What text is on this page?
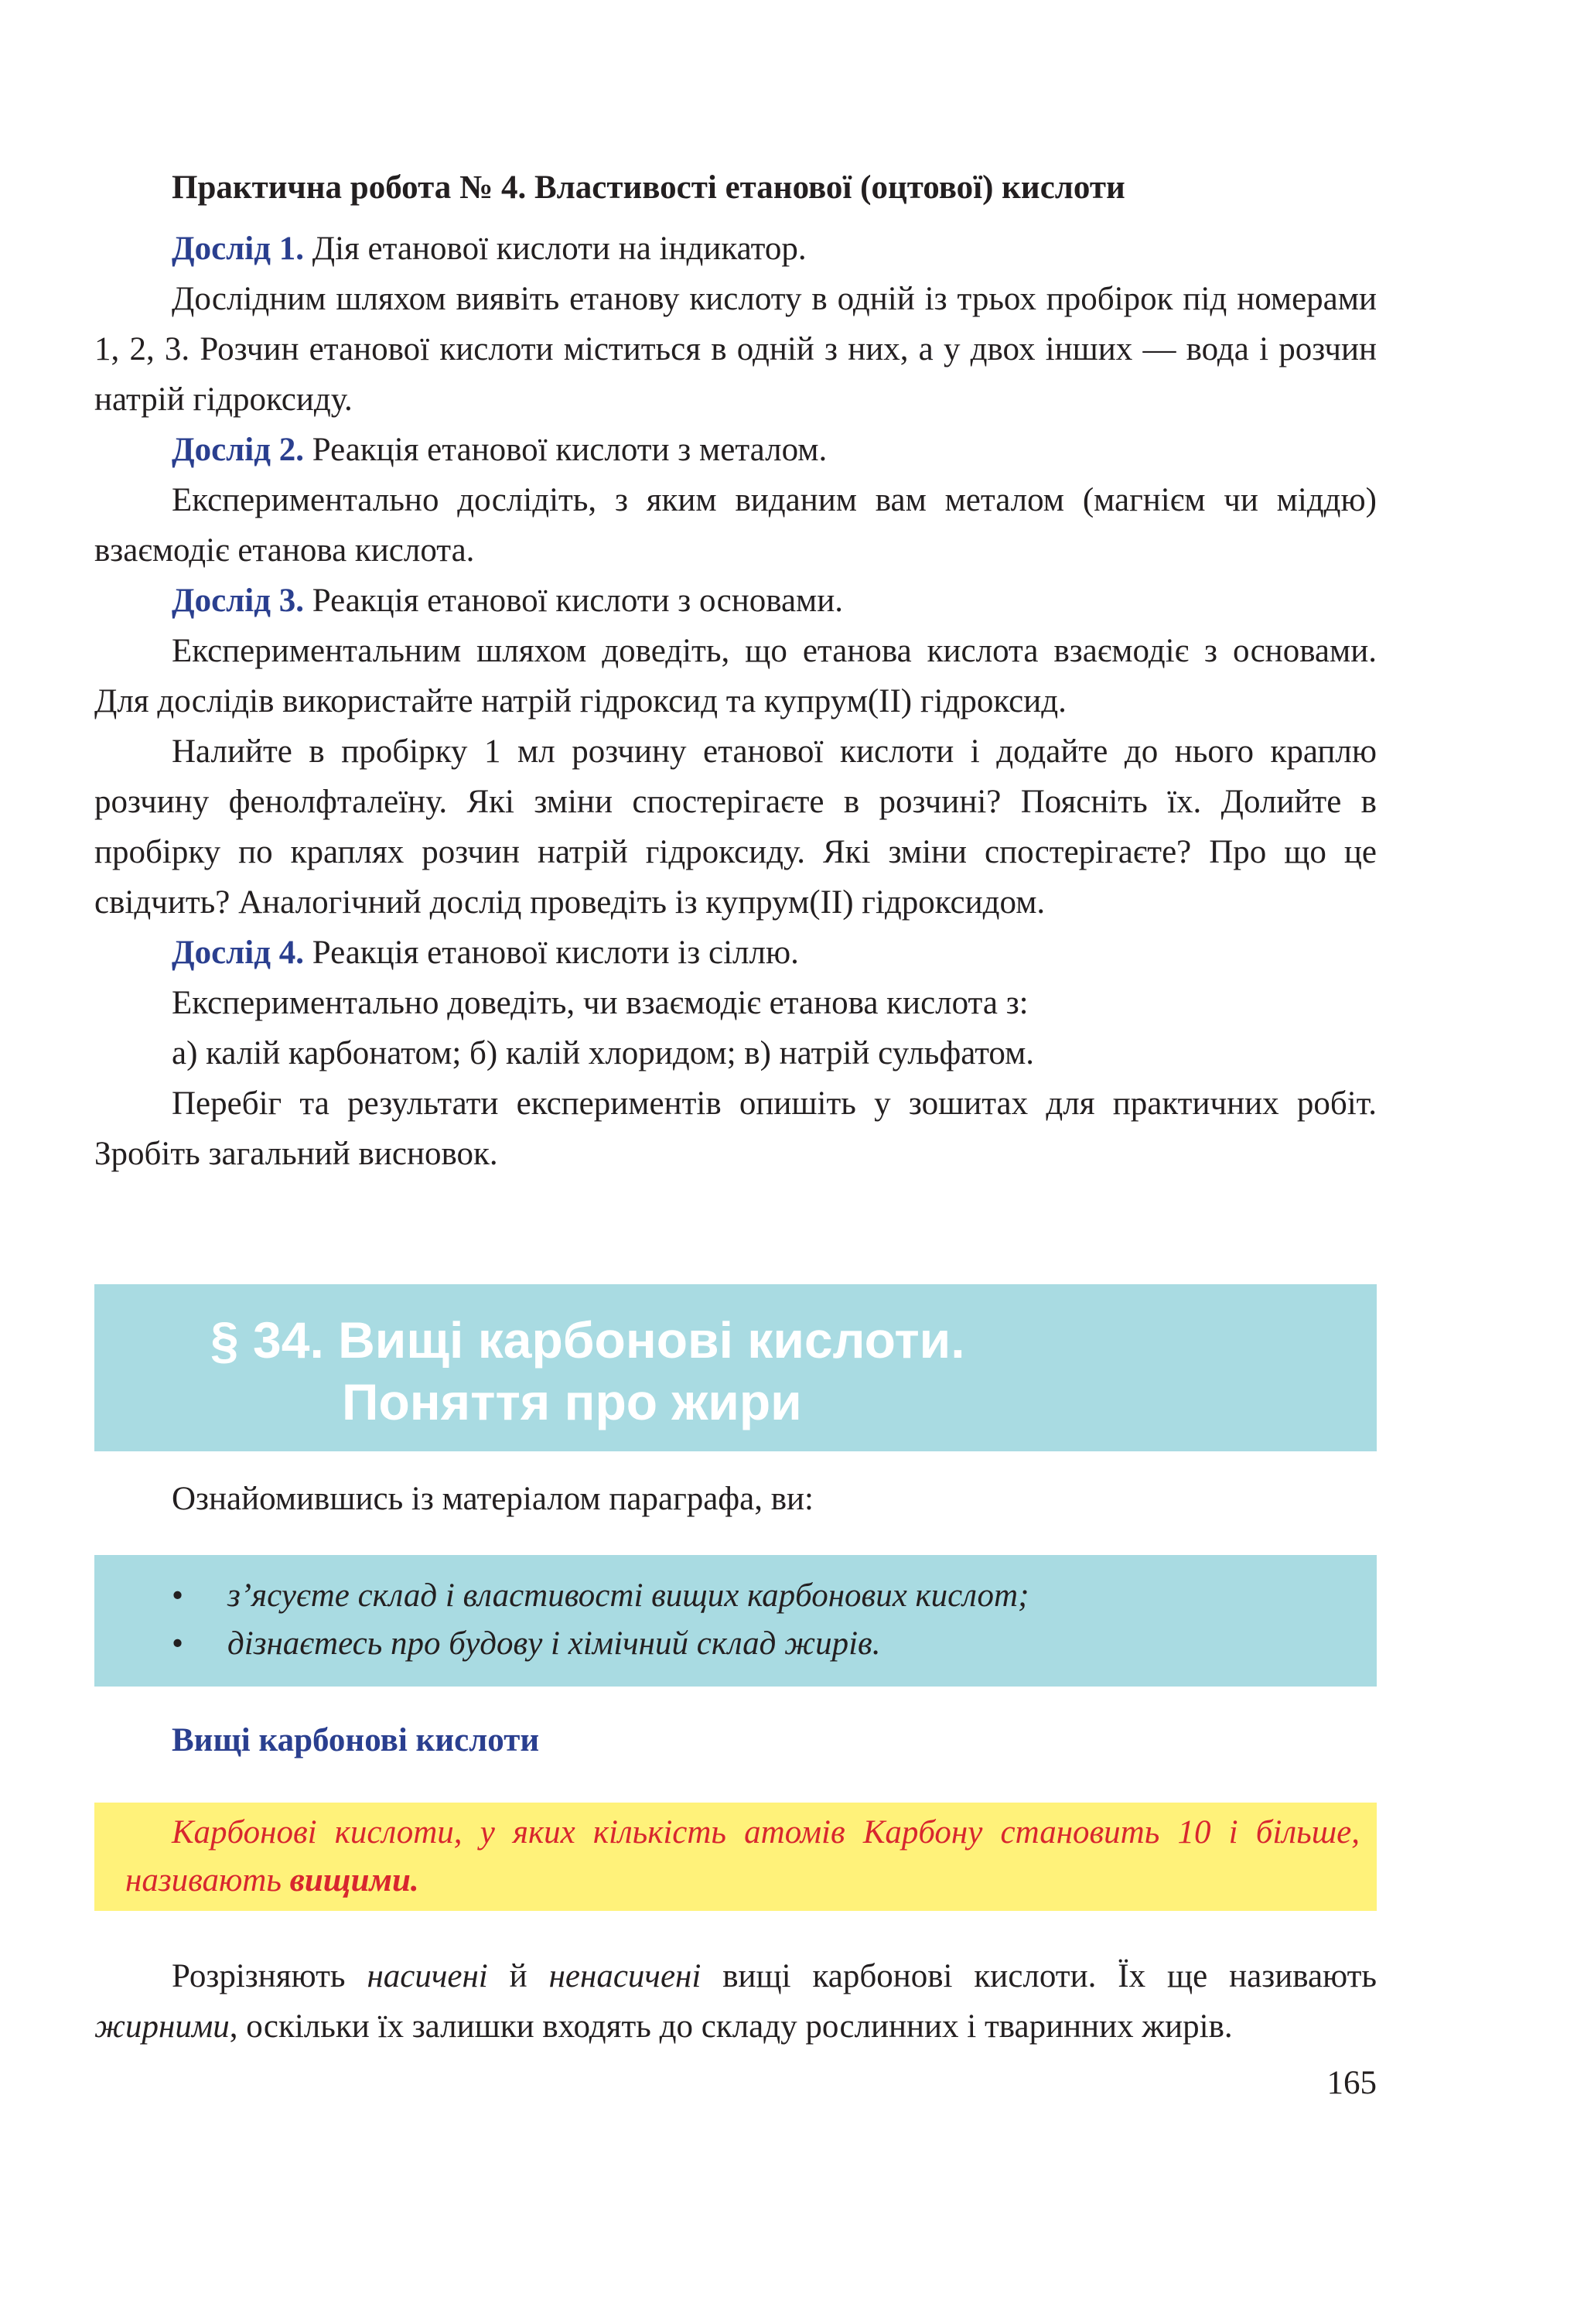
Практична робота № 4. Властивості етанової (оцтової) кислоти

Дослід 1. Дія етанової кислоти на індикатор.

Дослідним шляхом виявіть етанову кислоту в одній із трьох пробірок під номерами 1, 2, 3. Розчин етанової кислоти міститься в одній з них, а у двох інших — вода і розчин натрій гідроксиду.

Дослід 2. Реакція етанової кислоти з металом.

Експериментально дослідіть, з яким виданим вам металом (магнієм чи міддю) взаємодіє етанова кислота.

Дослід 3. Реакція етанової кислоти з основами.

Експериментальним шляхом доведіть, що етанова кислота взаємодіє з основами. Для дослідів використайте натрій гідроксид та купрум(ІІ) гідроксид.

Налийте в пробірку 1 мл розчину етанової кислоти і додайте до нього краплю розчину фенолфталеїну. Які зміни спостерігаєте в розчині? Поясніть їх. Долийте в пробірку по краплях розчин натрій гідроксиду. Які зміни спостерігаєте? Про що це свідчить? Аналогічний дослід проведіть із купрум(ІІ) гідроксидом.

Дослід 4. Реакція етанової кислоти із сіллю.

Експериментально доведіть, чи взаємодіє етанова кислота з:

а) калій карбонатом; б) калій хлоридом; в) натрій сульфатом.

Перебіг та результати експериментів опишіть у зошитах для практичних робіт. Зробіть загальний висновок.

§ 34. Вищі карбонові кислоти.
Поняття про жири

Ознайомившись із матеріалом параграфа, ви:

• з’ясуєте склад і властивості вищих карбонових кислот;
• дізнаєтесь про будову і хімічний склад жирів.
Вищі карбонові кислоти

Карбонові кислоти, у яких кількість атомів Карбону становить 10 і більше, називають вищими.

Розрізняють насичені й ненасичені вищі карбонові кислоти. Їх ще називають жирними, оскільки їх залишки входять до складу рослинних і тваринних жирів.

165
